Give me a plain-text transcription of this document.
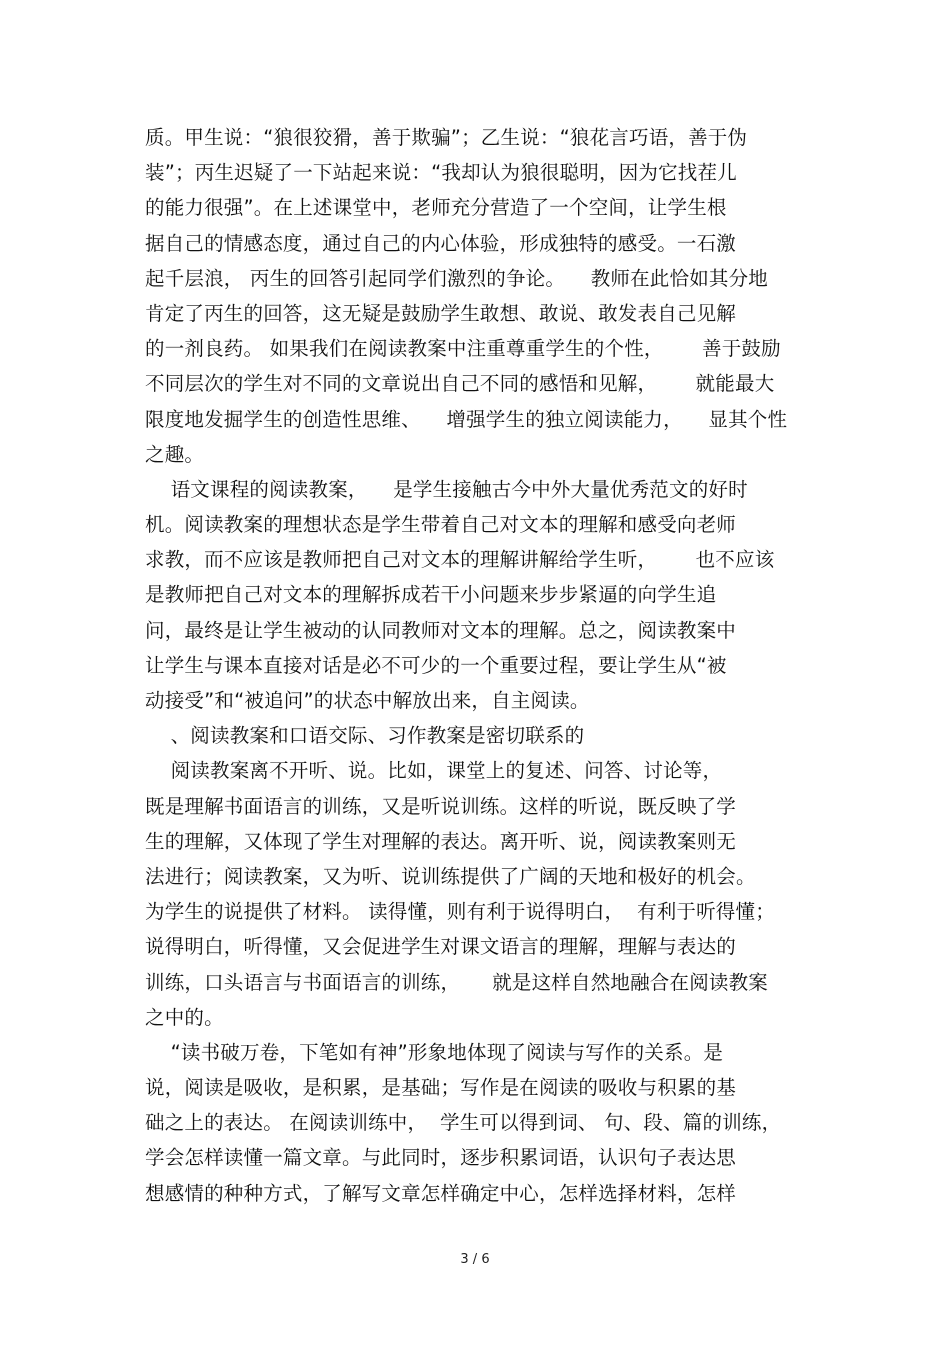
质。甲生说：“狼很狡猾，善于欺骗”；乙生说：“狼花言巧语，善于伪
装”；丙生迟疑了一下站起来说：“我却认为狼很聪明，因为它找茬儿
的能力很强”。在上述课堂中，老师充分营造了一个空间，让学生根
据自己的情感态度，通过自己的内心体验，形成独特的感受。一石激
起千层浪， 丙生的回答引起同学们激烈的争论。    教师在此恰如其分地
肯定了丙生的回答，这无疑是鼓励学生敢想、敢说、敢发表自己见解
的一剂良药。 如果我们在阅读教案中注重尊重学生的个性，      善于鼓励
不同层次的学生对不同的文章说出自己不同的感悟和见解，      就能最大
限度地发掘学生的创造性思维、    增强学生的独立阅读能力，    显其个性
之趣。
语文课程的阅读教案，    是学生接触古今中外大量优秀范文的好时
机。阅读教案的理想状态是学生带着自己对文本的理解和感受向老师
求教，而不应该是教师把自己对文本的理解讲解给学生听，      也不应该
是教师把自己对文本的理解拆成若干小问题来步步紧逼的向学生追
问，最终是让学生被动的认同教师对文本的理解。总之，阅读教案中
让学生与课本直接对话是必不可少的一个重要过程，要让学生从“被
动接受”和“被追问”的状态中解放出来，自主阅读。
、阅读教案和口语交际、习作教案是密切联系的
阅读教案离不开听、说。比如，课堂上的复述、问答、讨论等，
既是理解书面语言的训练，又是听说训练。这样的听说，既反映了学
生的理解，又体现了学生对理解的表达。离开听、说，阅读教案则无
法进行；阅读教案，又为听、说训练提供了广阔的天地和极好的机会。
为学生的说提供了材料。 读得懂，则有利于说得明白，  有利于听得懂；
说得明白，听得懂，又会促进学生对课文语言的理解，理解与表达的
训练，口头语言与书面语言的训练，     就是这样自然地融合在阅读教案
之中的。
“读书破万卷，下笔如有神”形象地体现了阅读与写作的关系。是
说，阅读是吸收，是积累，是基础；写作是在阅读的吸收与积累的基
础之上的表达。 在阅读训练中，  学生可以得到词、 句、段、篇的训练，
学会怎样读懂一篇文章。与此同时，逐步积累词语，认识句子表达思
想感情的种种方式，了解写文章怎样确定中心，怎样选择材料，怎样
3 / 6
